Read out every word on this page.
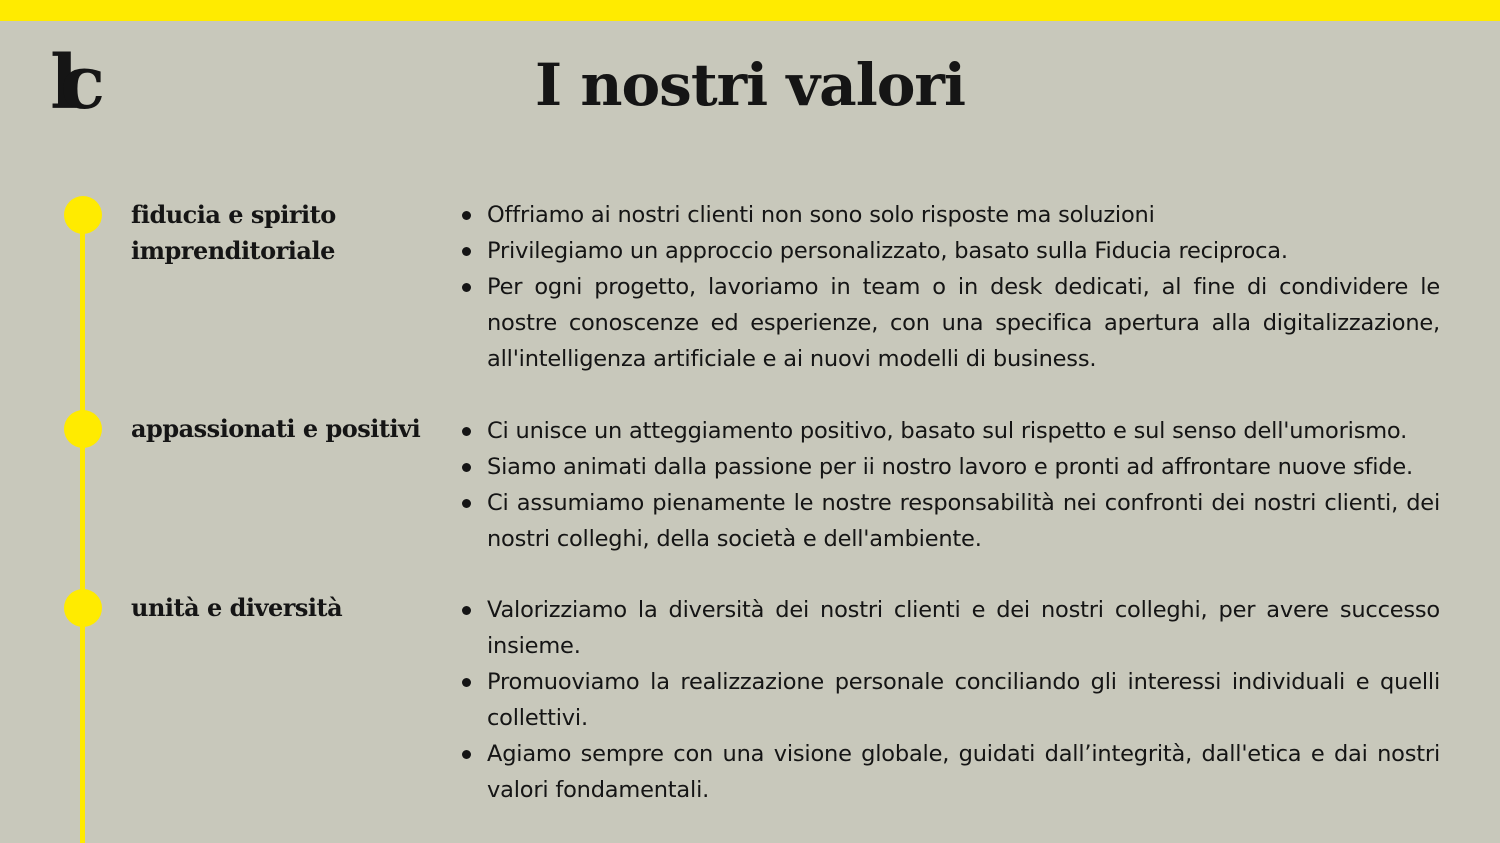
lc	I nostri valori
fiducia e spirito imprenditoriale
Offriamo ai nostri clienti non sono solo risposte ma soluzioni
Privilegiamo un approccio personalizzato, basato sulla Fiducia reciproca.
Per ogni progetto, lavoriamo in team o in desk dedicati, al fine di condividere le nostre conoscenze ed esperienze, con una specifica apertura alla digitalizzazione, all'intelligenza artificiale e ai nuovi modelli di business.
appassionati e positivi	Ci unisce un atteggiamento positivo, basato sul rispetto e sul senso dell'umorismo.
Siamo animati dalla passione per ii nostro lavoro e pronti ad affrontare nuove sfide.
Ci assumiamo pienamente le nostre responsabilità nei confronti dei nostri clienti, dei nostri colleghi, della società e dell'ambiente.
unità e diversità	Valorizziamo la diversità dei nostri clienti e dei nostri colleghi, per avere successo insieme.
Promuoviamo la realizzazione personale conciliando gli interessi individuali e quelli collettivi.
Agiamo sempre con una visione globale, guidati dall’integrità, dall'etica e dai nostri valori fondamentali.
